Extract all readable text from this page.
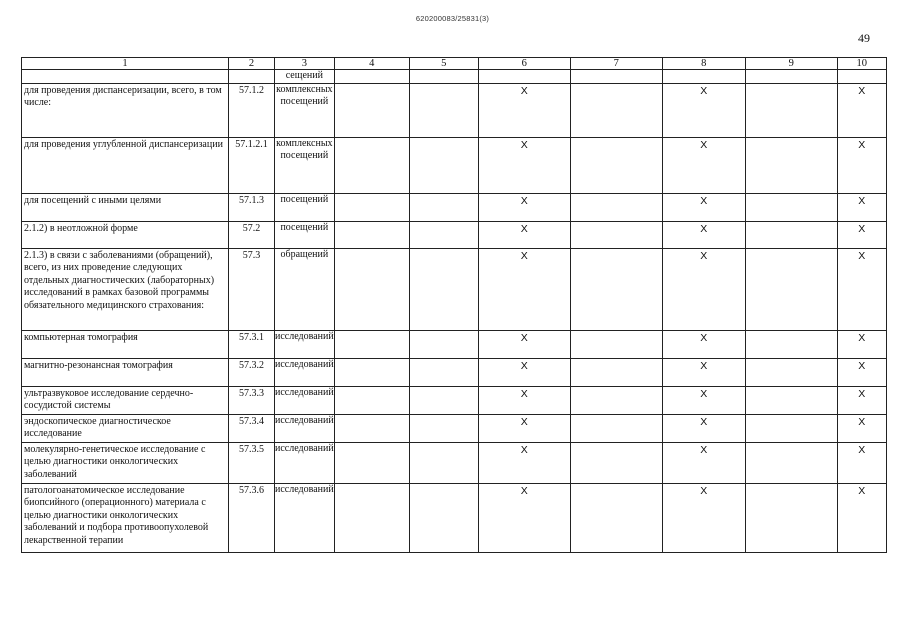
620200083/25831(3)
49
1	2	3	4	5	6	7	8	9	10
		сещений							
для проведения диспансеризации, всего, в том числе:	57.1.2	комплексных посещений			Х		Х		Х
для проведения углубленной диспансеризации	57.1.2.1	комплексных посещений			Х		Х		Х
для посещений с иными целями	57.1.3	посещений			Х		Х		Х
2.1.2) в неотложной форме	57.2	посещений			Х		Х		Х
2.1.3) в связи с заболеваниями (обращений), всего, из них проведение следующих отдельных диагностических (лабораторных) исследований в рамках базовой программы обязательного медицинского страхования:	57.3	обращений			Х		Х		Х
компьютерная томография	57.3.1	исследований			Х		Х		Х
магнитно-резонансная томография	57.3.2	исследований			Х		Х		Х
ультразвуковое исследование сердечно-сосудистой системы	57.3.3	исследований			Х		Х		Х
эндоскопическое диагностическое исследование	57.3.4	исследований			Х		Х		Х
молекулярно-генетическое исследование с целью диагностики онкологических заболеваний	57.3.5	исследований			Х		Х		Х
патологоанатомическое исследование биопсийного (операционного) материала с целью диагностики онкологических заболеваний и подбора противоопухолевой лекарственной терапии	57.3.6	исследований			Х		Х		Х
